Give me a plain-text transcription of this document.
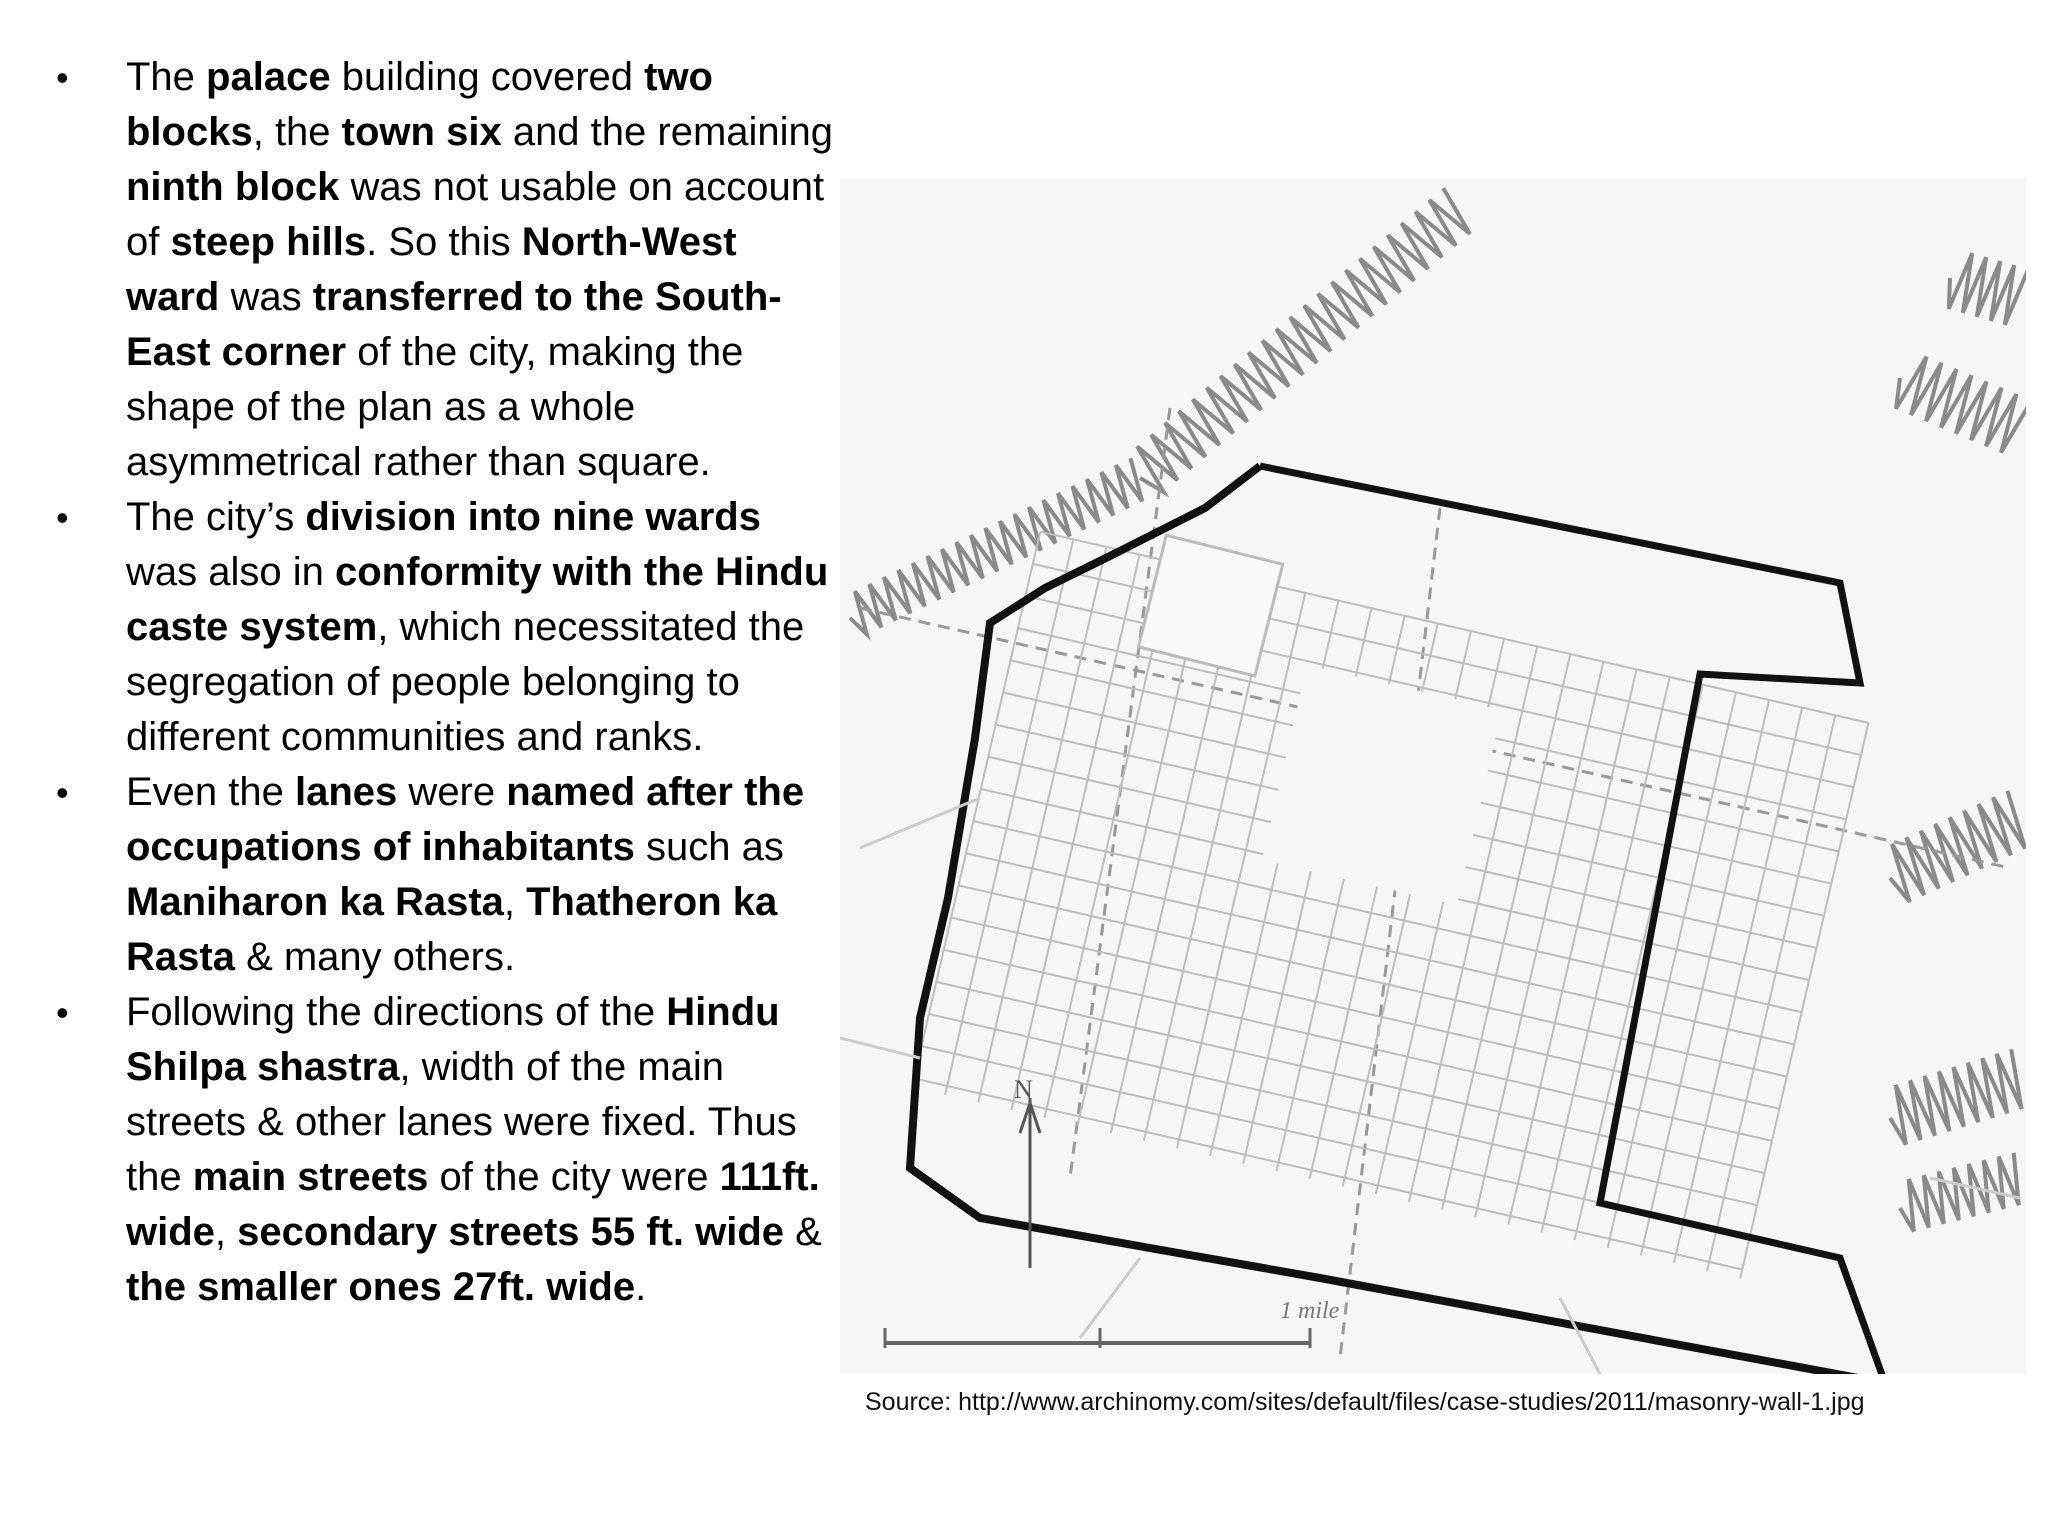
• The palace building covered two blocks, the town six and the remaining ninth block was not usable on account of steep hills. So this North-West ward was transferred to the South-East corner of the city, making the shape of the plan as a whole asymmetrical rather than square.
• The city’s division into nine wards was also in conformity with the Hindu caste system, which necessitated the segregation of people belonging to different communities and ranks.
• Even the lanes were named after the occupations of inhabitants such as Maniharon ka Rasta, Thatheron ka Rasta & many others.
• Following the directions of the Hindu Shilpa shastra, width of the main streets & other lanes were fixed. Thus the main streets of the city were 111ft. wide, secondary streets 55 ft. wide & the smaller ones 27ft. wide.
N
1 mile
Source: http://www.archinomy.com/sites/default/files/case-studies/2011/masonry-wall-1.jpg
